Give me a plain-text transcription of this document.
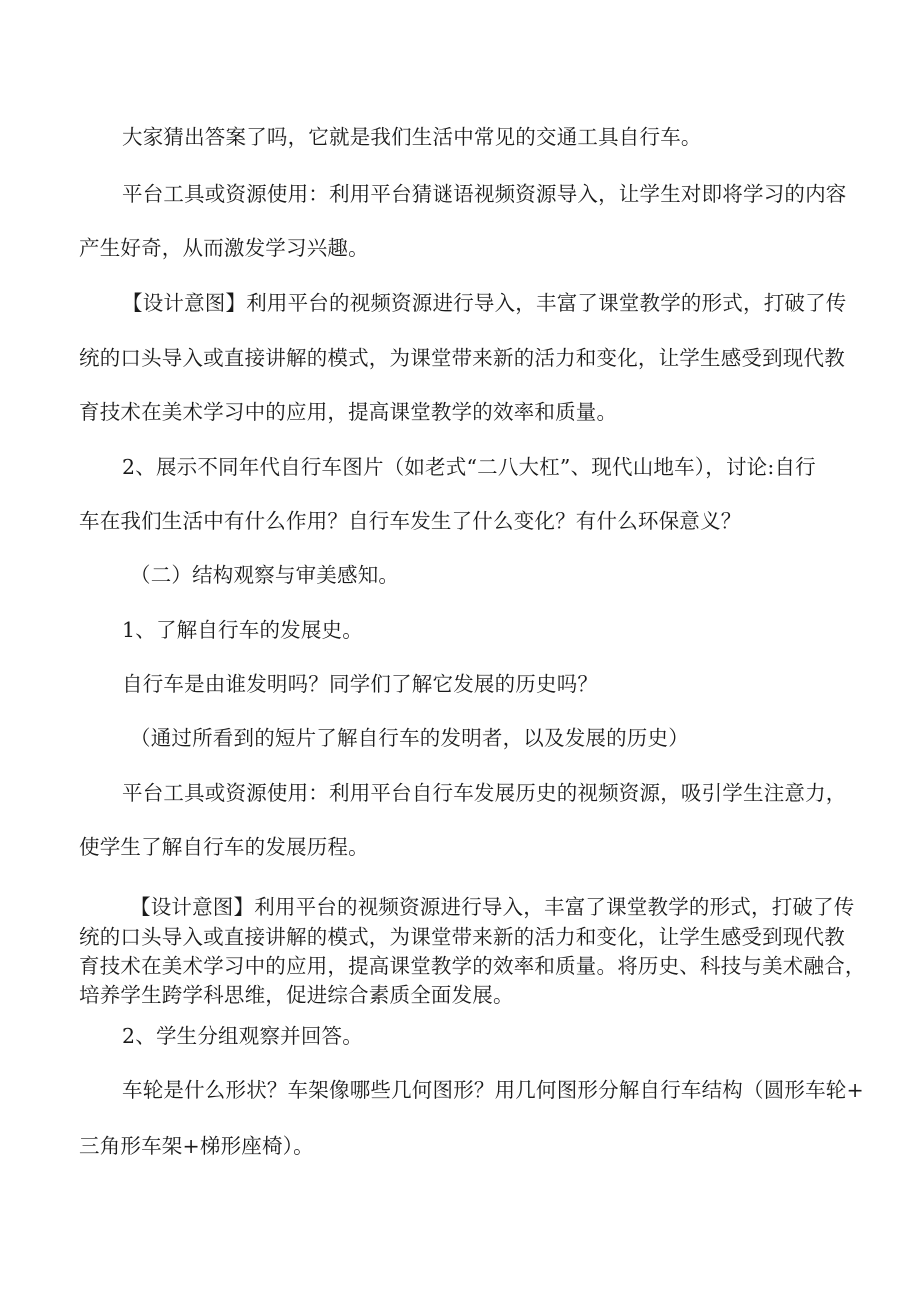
大家猜出答案了吗，它就是我们生活中常见的交通工具自行车。
平台工具或资源使用：利用平台猜谜语视频资源导入，让学生对即将学习的内容
产生好奇，从而激发学习兴趣。
【设计意图】利用平台的视频资源进行导入，丰富了课堂教学的形式，打破了传
统的口头导入或直接讲解的模式，为课堂带来新的活力和变化，让学生感受到现代教
育技术在美术学习中的应用，提高课堂教学的效率和质量。
2、展示不同年代自行车图片（如老式“二八大杠”、现代山地车），讨论:自行
车在我们生活中有什么作用？自行车发生了什么变化？有什么环保意义？
（二）结构观察与审美感知。
1、了解自行车的发展史。
自行车是由谁发明吗？同学们了解它发展的历史吗？
（通过所看到的短片了解自行车的发明者，以及发展的历史）
平台工具或资源使用：利用平台自行车发展历史的视频资源，吸引学生注意力，
使学生了解自行车的发展历程。
【设计意图】利用平台的视频资源进行导入，丰富了课堂教学的形式，打破了传
统的口头导入或直接讲解的模式，为课堂带来新的活力和变化，让学生感受到现代教
育技术在美术学习中的应用，提高课堂教学的效率和质量。将历史、科技与美术融合，
培养学生跨学科思维，促进综合素质全面发展。
2、学生分组观察并回答。
车轮是什么形状？车架像哪些几何图形？用几何图形分解自行车结构（圆形车轮+
三角形车架+梯形座椅）。
